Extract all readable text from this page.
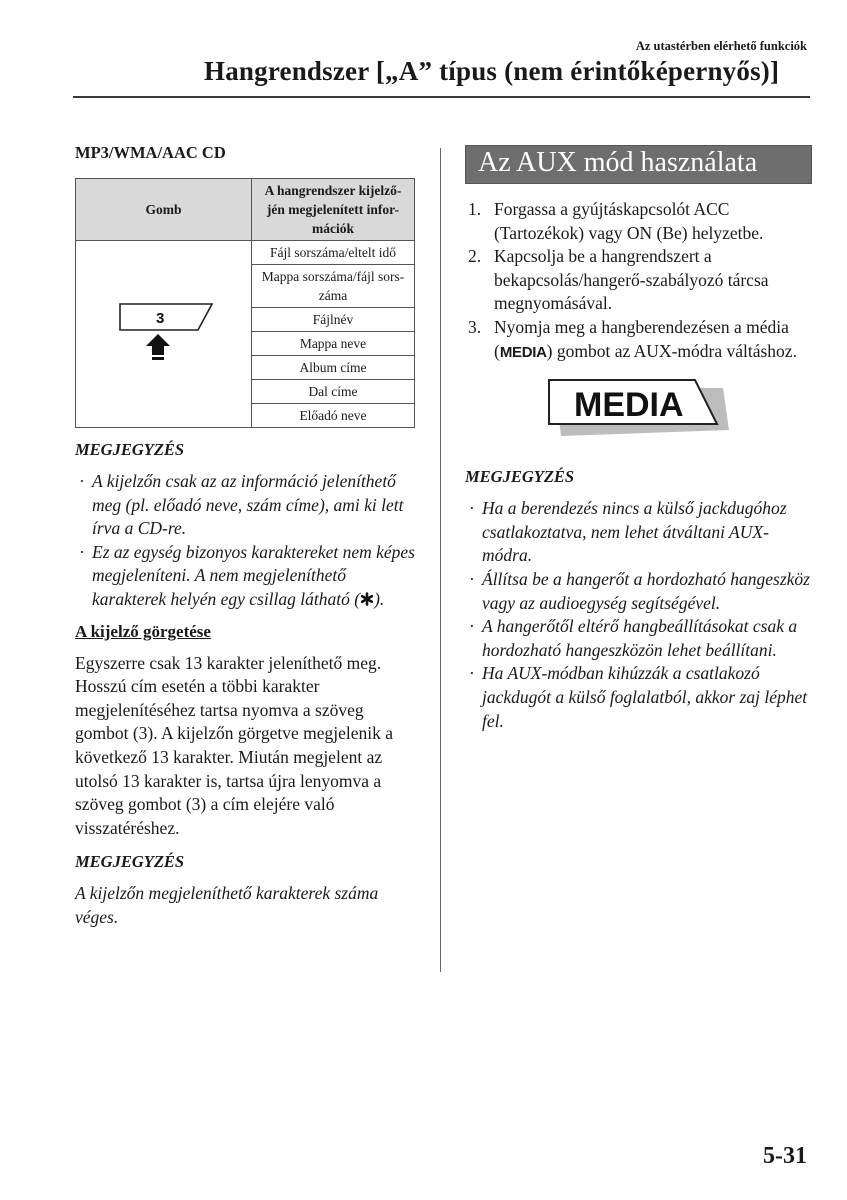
Az utastérben elérhető funkciók
Hangrendszer [„A” típus (nem érintőképernyős)]
MP3/WMA/AAC CD
Gomb	A hangrendszer kijelző-jén megjelenített infor-mációk

3	Fájl sorszáma/eltelt idő
	Mappa sorszáma/fájl sors-záma
	Fájlnév
	Mappa neve
	Album címe
	Dal címe
	Előadó neve
MEGJEGYZÉS
· A kijelzőn csak az az információ jeleníthető meg (pl. előadó neve, szám címe), ami ki lett írva a CD-re.
· Ez az egység bizonyos karaktereket nem képes megjeleníteni. A nem megjeleníthető karakterek helyén egy csillag látható ( ).
A kijelző görgetése

Egyszerre csak 13 karakter jeleníthető meg. Hosszú cím esetén a többi karakter megjelenítéséhez tartsa nyomva a szöveg gombot (3). A kijelzőn görgetve megjelenik a következő 13 karakter. Miután megjelent az utolsó 13 karakter is, tartsa újra lenyomva a szöveg gombot (3) a cím elejére való visszatéréshez.

MEGJEGYZÉS

A kijelzőn megjeleníthető karakterek száma véges.

Az AUX mód használata
1. Forgassa a gyújtáskapcsolót ACC (Tartozékok) vagy ON (Be) helyzetbe.
2. Kapcsolja be a hangrendszert a bekapcsolás/hangerő-szabályozó tárcsa megnyomásával.
3. Nyomja meg a hangberendezésen a média (MEDIA) gombot az AUX-módra váltáshoz.
MEDIA
MEGJEGYZÉS
· Ha a berendezés nincs a külső jackdugóhoz csatlakoztatva, nem lehet átváltani AUX-módra.
· Állítsa be a hangerőt a hordozható hangeszköz vagy az audioegység segítségével.
· A hangerőtől eltérő hangbeállításokat csak a hordozható hangeszközön lehet beállítani.
· Ha AUX-módban kihúzzák a csatlakozó jackdugót a külső foglalatból, akkor zaj léphet fel.
5-31
